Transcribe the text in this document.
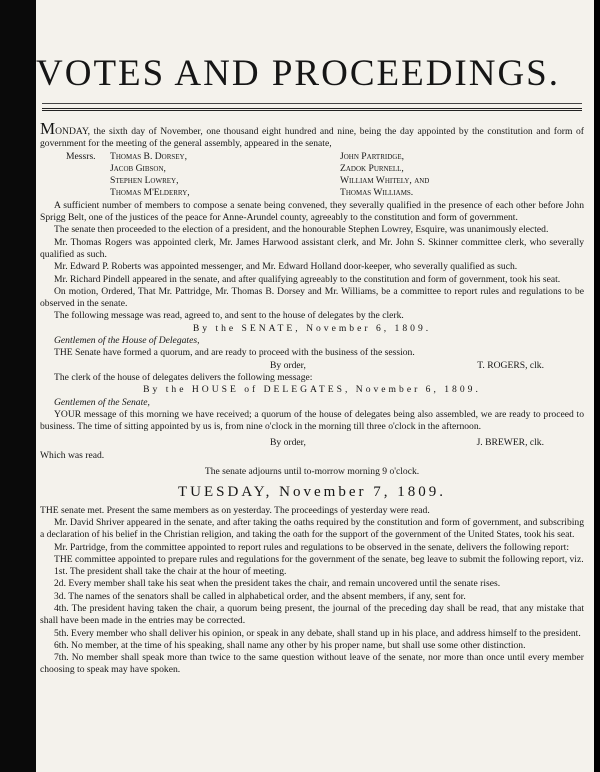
VOTES AND PROCEEDINGS.

MONDAY, the sixth day of November, one thousand eight hundred and nine, being the day appointed by the constitution and form of government for the meeting of the general assembly, appeared in the senate,

Messrs. Thomas B. Dorsey,	John Partridge,
Jacob Gibson,	Zadok Purnell,
Stephen Lowrey,	William Whitely, and
Thomas M'Elderry,	Thomas Williams.

A sufficient number of members to compose a senate being convened, they severally qualified in the presence of each other before John Sprigg Belt, one of the justices of the peace for Anne-Arundel county, agreeably to the constitution and form of government.

The senate then proceeded to the election of a president, and the honourable Stephen Lowrey, Esquire, was unanimously elected.

Mr. Thomas Rogers was appointed clerk, Mr. James Harwood assistant clerk, and Mr. John S. Skinner committee clerk, who severally qualified as such.

Mr. Edward P. Roberts was appointed messenger, and Mr. Edward Holland door-keeper, who severally qualified as such.

Mr. Richard Pindell appeared in the senate, and after qualifying agreeably to the constitution and form of government, took his seat.

On motion, Ordered, That Mr. Pattridge, Mr. Thomas B. Dorsey and Mr. Williams, be a committee to report rules and regulations to be observed in the senate.

The following message was read, agreed to, and sent to the house of delegates by the clerk.

By the SENATE, November 6, 1809.

Gentlemen of the House of Delegates,

THE Senate have formed a quorum, and are ready to proceed with the business of the session.

By order,	T. ROGERS, clk.

The clerk of the house of delegates delivers the following message:

By the HOUSE of DELEGATES, November 6, 1809.

Gentlemen of the Senate,

YOUR message of this morning we have received; a quorum of the house of delegates being also assembled, we are ready to proceed to business. The time of sitting appointed by us is, from nine o'clock in the morning till three o'clock in the afternoon.

By order,	J. BREWER, clk.

Which was read.

The senate adjourns until to-morrow morning 9 o'clock.

TUESDAY, November 7, 1809.

THE senate met. Present the same members as on yesterday. The proceedings of yesterday were read.

Mr. David Shriver appeared in the senate, and after taking the oaths required by the constitution and form of government, and subscribing a declaration of his belief in the Christian religion, and taking the oath for the support of the government of the United States, took his seat.

Mr. Partridge, from the committee appointed to report rules and regulations to be observed in the senate, delivers the following report:

THE committee appointed to prepare rules and regulations for the government of the senate, beg leave to submit the following report, viz.

1st. The president shall take the chair at the hour of meeting.

2d. Every member shall take his seat when the president takes the chair, and remain uncovered until the senate rises.

3d. The names of the senators shall be called in alphabetical order, and the absent members, if any, sent for.

4th. The president having taken the chair, a quorum being present, the journal of the preceding day shall be read, that any mistake that shall have been made in the entries may be corrected.

5th. Every member who shall deliver his opinion, or speak in any debate, shall stand up in his place, and address himself to the president.

6th. No member, at the time of his speaking, shall name any other by his proper name, but shall use some other distinction.

7th. No member shall speak more than twice to the same question without leave of the senate, nor more than once until every member choosing to speak may have spoken.
